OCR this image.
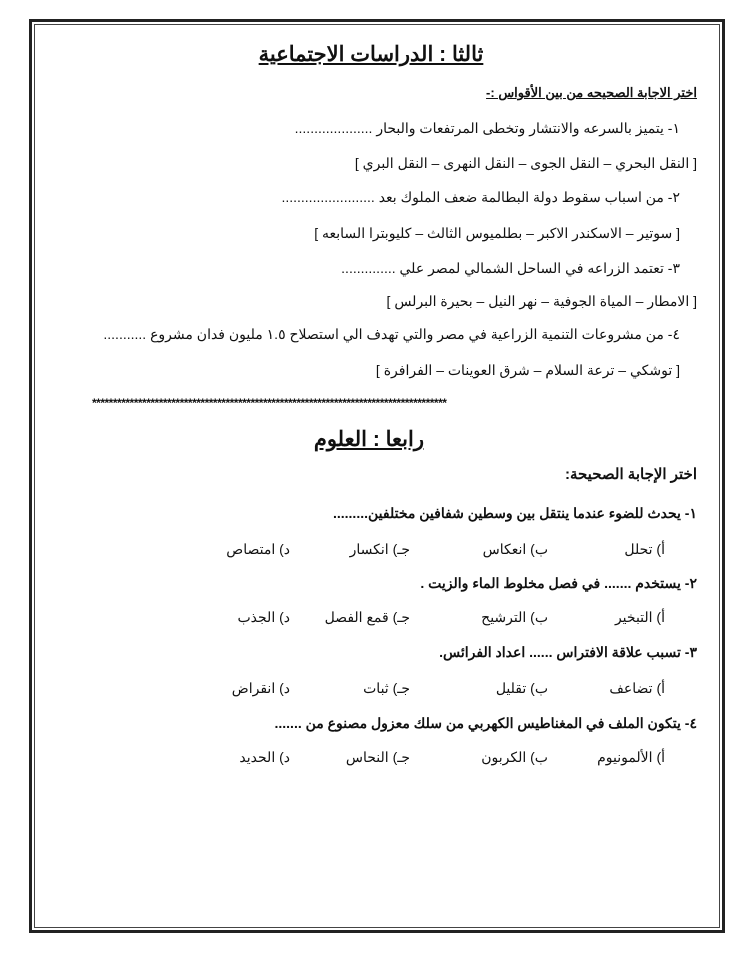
ثالثا : الدراسات الاجتماعية
اختر الاجابة الصحيحه من بين الأقواس :-
١- يتميز بالسرعه والانتشار وتخطى المرتفعات والبحار ....................
[ النقل البحري – النقل الجوى – النقل النهرى – النقل البري ]
٢- من اسباب سقوط دولة البطالمة ضعف الملوك بعد ........................
[ سوتير – الاسكندر الاكبر – بطلميوس الثالث – كليوبترا السابعه ]
٣- تعتمد الزراعه في الساحل الشمالي لمصر علي ..............
[ الامطار – المياة الجوفية – نهر النيل – بحيرة البرلس ]
٤- من مشروعات التنمية الزراعية في مصر والتي تهدف الي استصلاح ١.٥ مليون فدان مشروع ...........
[ توشكي – ترعة السلام – شرق العوينات – الفرافرة ]
*************************************************************************************
رابعا : العلوم
اختر الإجابة الصحيحة:
١- يحدث للضوء عندما ينتقل بين وسطين شفافين مختلفين.........
أ) تحلل
ب) انعكاس
جـ) انكسار
د) امتصاص
٢- يستخدم ....... في فصل مخلوط الماء والزيت .
أ) التبخير
ب) الترشيح
جـ) قمع الفصل
د) الجذب
٣- تسبب علاقة الافتراس ...... اعداد الفرائس.
أ) تضاعف
ب) تقليل
جـ) ثبات
د) انقراض
٤- يتكون الملف في المغناطيس الكهربي من سلك معزول مصنوع من .......
أ) الألمونيوم
ب) الكربون
جـ) النحاس
د) الحديد
